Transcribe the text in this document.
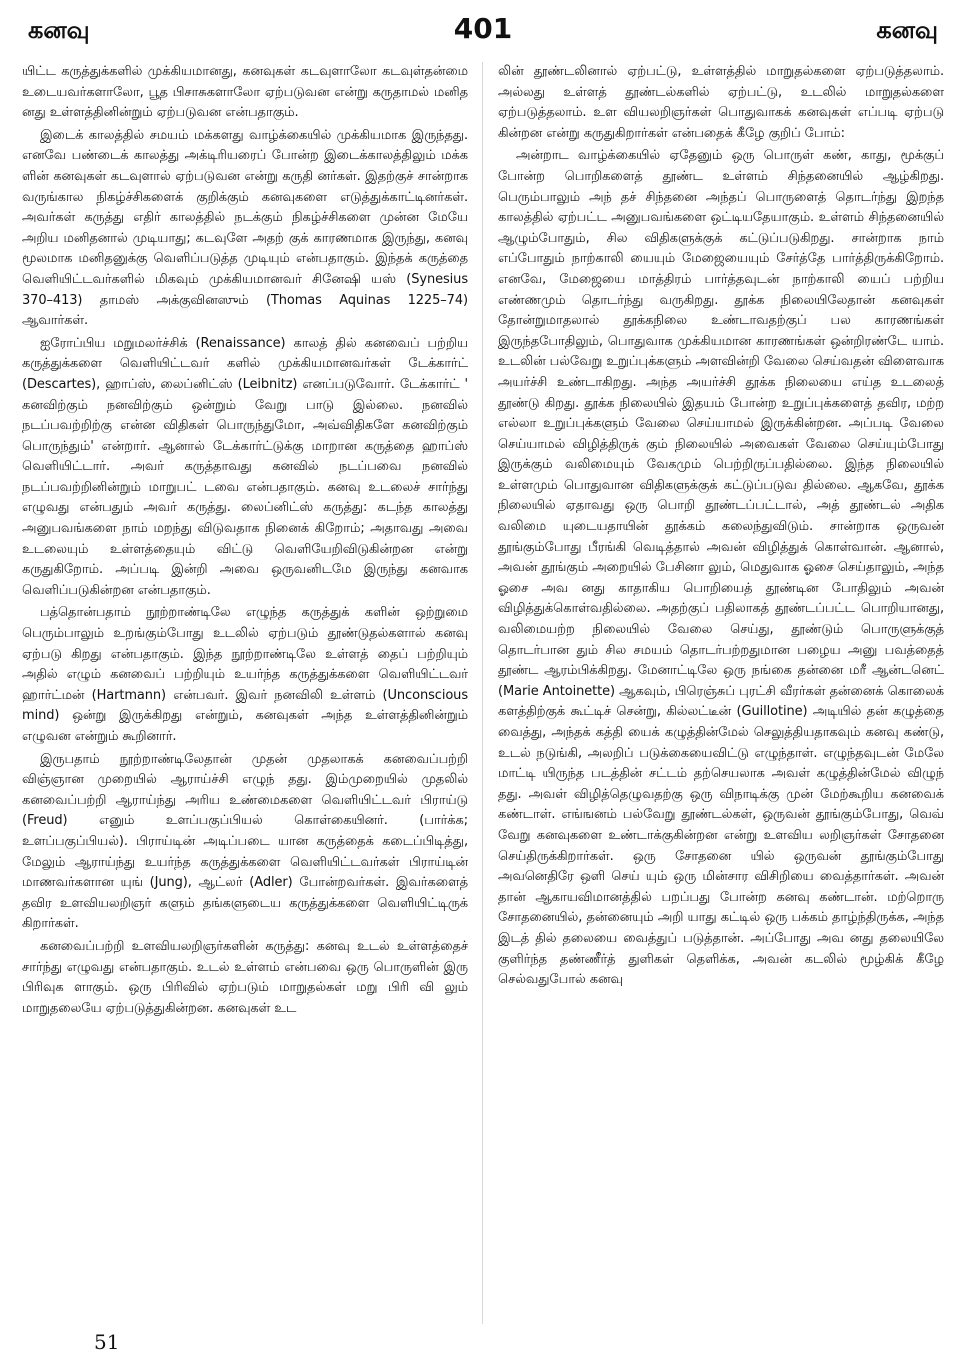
கனவு	401	கனவு

யிட்ட கருத்துக்களில் முக்கியமானது, கனவுகள் கடவுளாலோ கடவுள்தன்மை உடையவர்களாலோ, பூத பிசாசுகளாலோ ஏற்படுவன என்று கருதாமல் மனித னது உள்ளத்தினின்றும் ஏற்படுவன என்பதாகும்.

இடைக் காலத்தில் சமயம் மக்களது வாழ்க்கையில் முக்கியமாக இருந்தது. எனவே பண்டைக் காலத்து அக்டிரியரைப் போன்ற இடைக்காலத்திலும் மக்க ளின் கனவுகள் கடவுளால் ஏற்படுவன என்று கருதி னர்கள். இதற்குச் சான்றாக வருங்கால நிகழ்ச்சிகளைக் குறிக்கும் கனவுகளை எடுத்துக்காட்டினர்கள். அவர்கள் கருத்து எதிர் காலத்தில் நடக்கும் நிகழ்ச்சிகளை முன்ன மேயே அறிய மனிதனால் முடியாது; கடவுளே அதற் குக் காரணமாக இருந்து, கனவு மூலமாக மனிதனுக்கு வெளிப்படுத்த முடியும் என்பதாகும். இந்தக் கருத்தை வெளியிட்டவர்களில் மிகவும் முக்கியமானவர் சினேஷி யஸ் (Synesius 370–413) தாமஸ் அக்குவினஸும் (Thomas Aquinas 1225–74) ஆவார்கள்.

ஐரோப்பிய மறுமலர்ச்சிக் (Renaissance) காலத் தில் கனவைப் பற்றிய கருத்துக்களை வெளியிட்டவர் களில் முக்கியமானவர்கள் டேக்கார்ட் (Descartes), ஹாப்ஸ், லைப்னிட்ஸ் (Leibnitz) எனப்படுவோர். டேக்கார்ட் ' கனவிற்கும் நனவிற்கும் ஒன்றும் வேறு பாடு இல்லை. நனவில் நடப்பவற்றிற்கு என்ன விதிகள் பொருந்துமோ, அவ்விதிகளே கனவிற்கும் பொருந்தும்' என்றார். ஆனால் டேக்கார்ட்டுக்கு மாறான கருத்தை ஹாப்ஸ் வெளியிட்டார். அவர் கருத்தாவது கனவில் நடப்பவை நனவில் நடப்பவற்றினின்றும் மாறுபட் டவை என்பதாகும். கனவு உடலைச் சார்ந்து எழுவது என்பதும் அவர் கருத்து. லைப்னிட்ஸ் கருத்து: கடந்த காலத்து அனுபவங்களை நாம் மறந்து விடுவதாக நினைக் கிறோம்; அதாவது அவை உடலையும் உள்ளத்தையும் விட்டு வெளியேறிவிடுகின்றன என்று கருதுகிறோம். அப்படி இன்றி அவை ஒருவனிடமே இருந்து கனவாக வெளிப்படுகின்றன என்பதாகும்.

பத்தொன்பதாம் நூற்றாண்டிலே எழுந்த கருத்துக் களின் ஒற்றுமை பெரும்பாலும் உறங்கும்போது உடலில் ஏற்படும் தூண்டுதல்களால் கனவு ஏற்படு கிறது என்பதாகும். இந்த நூற்றாண்டிலே உள்ளத் தைப் பற்றியும் அதில் எழும் கனவைப் பற்றியும் உயர்ந்த கருத்துக்களை வெளியிட்டவர் ஹார்ட்மன் (Hartmann) என்பவர். இவர் நனவிலி உள்ளம் (Unconscious mind) ஒன்று இருக்கிறது என்றும், கனவுகள் அந்த உள்ளத்தினின்றும் எழுவன என்றும் கூறினார்.

இருபதாம் நூற்றாண்டிலேதான் முதன் முதலாகக் கனவைப்பற்றி விஞ்ஞான முறையில் ஆராய்ச்சி எழுந் தது. இம்முறையில் முதலில் கனவைப்பற்றி ஆராய்ந்து அரிய உண்மைகளை வெளியிட்டவர் பிராய்டு (Freud) எனும் உளப்பகுப்பியல் கொள்கையினர். (பார்க்க; உளப்பகுப்பியல்). பிராய்டின் அடிப்படை யான கருத்தைக் கடைப்பிடித்து, மேலும் ஆராய்ந்து உயர்ந்த கருத்துக்களை வெளியிட்டவர்கள் பிராய்டின் மாணவர்களான யுங் (Jung), ஆட்லர் (Adler) போன்றவர்கள். இவர்களைத் தவிர உளவியலறிஞர் களும் தங்களுடைய கருத்துக்களை வெளியிட்டிருக் கிறார்கள்.

கனவைப்பற்றி உளவியலறிஞர்களின் கருத்து: கனவு உடல் உள்ளத்தைச் சார்ந்து எழுவது என்பதாகும். உடல் உள்ளம் என்பவை ஒரு பொருளின் இரு பிரிவுக ளாகும். ஒரு பிரிவில் ஏற்படும் மாறுதல்கள் மறு பிரி வி லும் மாறுதலையே ஏற்படுத்துகின்றன. கனவுகள் உட

லின் தூண்டலினால் ஏற்பட்டு, உள்ளத்தில் மாறுதல்களை ஏற்படுத்தலாம். அல்லது உள்ளத் தூண்டல்களில் ஏற்பட்டு, உடலில் மாறுதல்களை ஏற்படுத்தலாம். உள வியலறிஞர்கள் பொதுவாகக் கனவுகள் எப்படி ஏற்படு கின்றன என்று கருதுகிறார்கள் என்பதைக் கீழே குறிப் போம்:

அன்றாட வாழ்க்கையில் ஏதேனும் ஒரு பொருள் கண், காது, மூக்குப் போன்ற பொறிகளைத் தூண்ட உள்ளம் சிந்தனையில் ஆழ்கிறது. பெரும்பாலும் அந் தச் சிந்தனை அந்தப் பொருளைத் தொடர்ந்து இறந்த காலத்தில் ஏற்பட்ட அனுபவங்களை ஒட்டியதேயாகும். உள்ளம் சிந்தனையில் ஆழும்போதும், சில விதிகளுக்குக் கட்டுப்படுகிறது. சான்றாக நாம் எப்போதும் நாற்காலி யையும் மேஜையையும் சேர்த்தே பார்த்திருக்கிறோம். எனவே, மேஜையை மாத்திரம் பார்த்தவுடன் நாற்காலி யைப் பற்றிய எண்ணமும் தொடர்ந்து வருகிறது. தூக்க நிலையிலேதான் கனவுகள் தோன்றுமாதலால் தூக்கநிலை உண்டாவதற்குப் பல காரணங்கள் இருந்தபோதிலும், பொதுவாக முக்கியமான காரணங்கள் ஒன்றிரண்டே யாம். உடலின் பல்வேறு உறுப்புக்களும் அளவின்றி வேலை செய்வதன் விளைவாக அயர்ச்சி உண்டாகிறது. அந்த அயர்ச்சி தூக்க நிலையை எய்த உடலைத் தூண்டு கிறது. தூக்க நிலையில் இதயம் போன்ற உறுப்புக்களைத் தவிர, மற்ற எல்லா உறுப்புக்களும் வேலை செய்யாமல் இருக்கின்றன. அப்படி வேலை செய்யாமல் விழித்திருக் கும் நிலையில் அவைகள் வேலை செய்யும்போது இருக்கும் வலிமையும் வேகமும் பெற்றிருப்பதில்லை. இந்த நிலையில் உள்ளமும் பொதுவான விதிகளுக்குக் கட்டுப்படுவ தில்லை. ஆகவே, தூக்க நிலையில் ஏதாவது ஒரு பொறி தூண்டப்பட்டால், அத் தூண்டல் அதிக வலிமை யுடையதாயின் தூக்கம் கலைந்துவிடும். சான்றாக ஒருவன் தூங்கும்போது பீரங்கி வெடித்தால் அவன் விழித்துக் கொள்வான். ஆனால், அவன் தூங்கும் அறையில் பேசினா லும், மெதுவாக ஓசை செய்தாலும், அந்த ஓசை அவ னது காதாகிய பொறியைத் தூண்டின போதிலும் அவன் விழித்துக்கொள்வதில்லை. அதற்குப் பதிலாகத் தூண்டப்பட்ட பொறியானது, வலிமையற்ற நிலையில் வேலை செய்து, தூண்டும் பொருளுக்குத் தொடர்பான தும் சில சமயம் தொடர்பற்றதுமான பழைய அனு பவத்தைத் தூண்ட ஆரம்பிக்கிறது. மேனாட்டிலே ஒரு நங்கை தன்னை மரீ ஆன்டனெட் (Marie Antoinette) ஆகவும், பிரெஞ்சுப் புரட்சி வீரர்கள் தன்னைக் கொலைக் களத்திற்குக் கூட்டிச் சென்று, கில்லட்டீன் (Guillotine) அடியில் தன் கழுத்தை வைத்து, அந்தக் கத்தி யைக் கழுத்தின்மேல் செலுத்தியதாகவும் கனவு கண்டு, உடல் நடுங்கி, அலறிப் படுக்கையைவிட்டு எழுந்தாள். எழுந்தவுடன் மேலே மாட்டி யிருந்த படத்தின் சட்டம் தற்செயலாக அவள் கழுத்தின்மேல் விழுந் தது. அவள் விழித்தெழுவதற்கு ஒரு விநாடிக்கு முன் மேற்கூறிய கனவைக் கண்டாள். எங்ஙனம் பல்வேறு தூண்டல்கள், ஒருவன் தூங்கும்போது, வெவ் வேறு கனவுகளை உண்டாக்குகின்றன என்று உளவிய லறிஞர்கள் சோதனை செய்திருக்கிறார்கள். ஒரு சோதனை யில் ஒருவன் தூங்கும்போது அவனெதிரே ஒளி செய் யும் ஒரு மின்சார விசிறியை வைத்தார்கள். அவன் தான் ஆகாயவிமானத்தில் பறப்பது போன்ற கனவு கண்டான். மற்றொரு சோதனையில், தன்னையும் அறி யாது கட்டில் ஒரு பக்கம் தாழ்ந்திருக்க, அந்த இடத் தில் தலையை வைத்துப் படுத்தான். அப்போது அவ னது தலையிலே குளிர்ந்த தண்ணீர்த் துளிகள் தெளிக்க, அவன் கடலில் மூழ்கிக் கீழே செல்வதுபோல் கனவு

51
